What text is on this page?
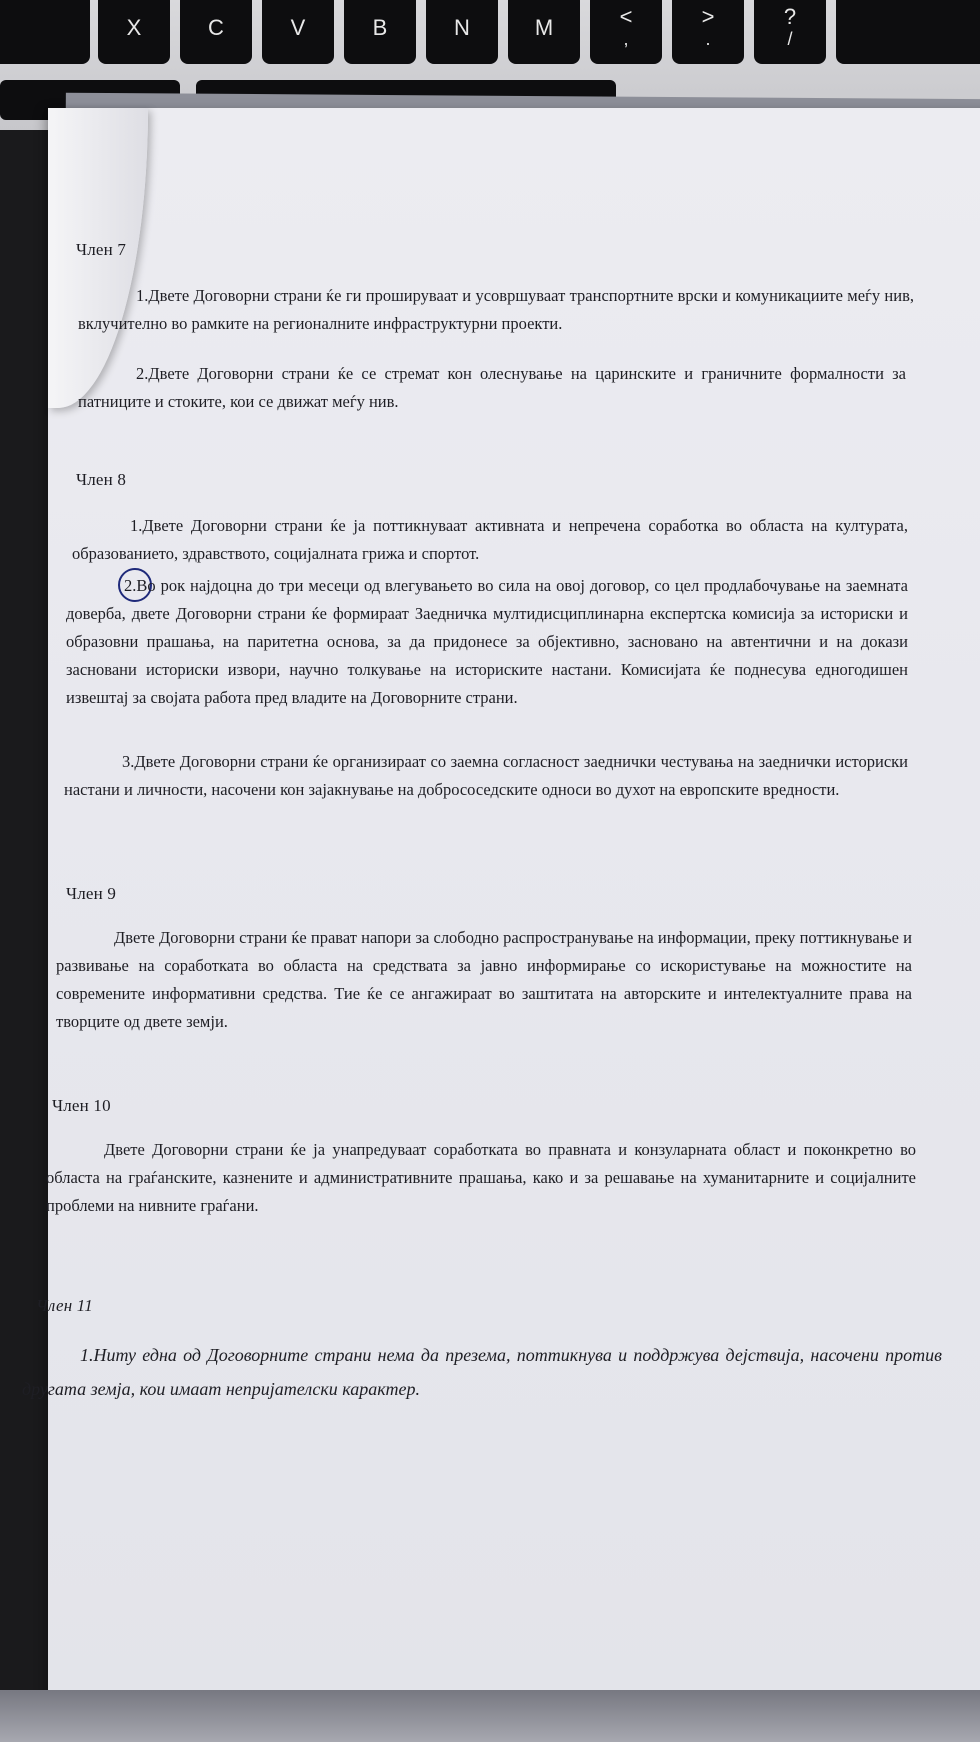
X	C	V	B	N	M	<
,
>
.
?
/
Член 7
1.Двете Договорни страни ќе ги прошируваат и усовршуваат транспортните врски и комуникациите меѓу нив, вклучително во рамките на регионалните инфраструктурни проекти.
2.Двете Договорни страни ќе се стремат кон олеснување на царинските и граничните формалности за патниците и стоките, кои се движат меѓу нив.
Член 8
1.Двете Договорни страни ќе ја поттикнуваат активната и непречена соработка во областа на културата, образованието, здравството, социјалната грижа и спортот.
2.Во рок најдоцна до три месеци од влегувањето во сила на овој договор, со цел продлабочување на заемната доверба, двете Договорни страни ќе формираат Заедничка мултидисциплинарна експертска комисија за историски и образовни прашања, на паритетна основа, за да придонесе за објективно, засновано на автентични и на докази засновани историски извори, научно толкување на историските настани. Комисијата ќе поднесува едногодишен извештај за својата работа пред владите на Договорните страни.
3.Двете Договорни страни ќе организираат со заемна согласност заеднички честувања на заеднички историски настани и личности, насочени кон зајакнување на добрососедските односи во духот на европските вредности.
Член 9
Двете Договорни страни ќе прават напори за слободно распространување на информации, преку поттикнување и развивање на соработката во областа на средствата за јавно информирање со искористување на можностите на современите информативни средства. Тие ќе се ангажираат во заштитата на авторските и интелектуалните права на творците од двете земји.
Член 10
Двете Договорни страни ќе ја унапредуваат соработката во правната и конзуларната област и поконкретно во областа на граѓанските, казнените и административните прашања, како и за решавање на хуманитарните и социјалните проблеми на нивните граѓани.
Член 11
1.Ниту една од Договорните страни нема да презема, поттикнува и поддржува дејствија, насочени против другата земја, кои имаат непријателски карактер.
